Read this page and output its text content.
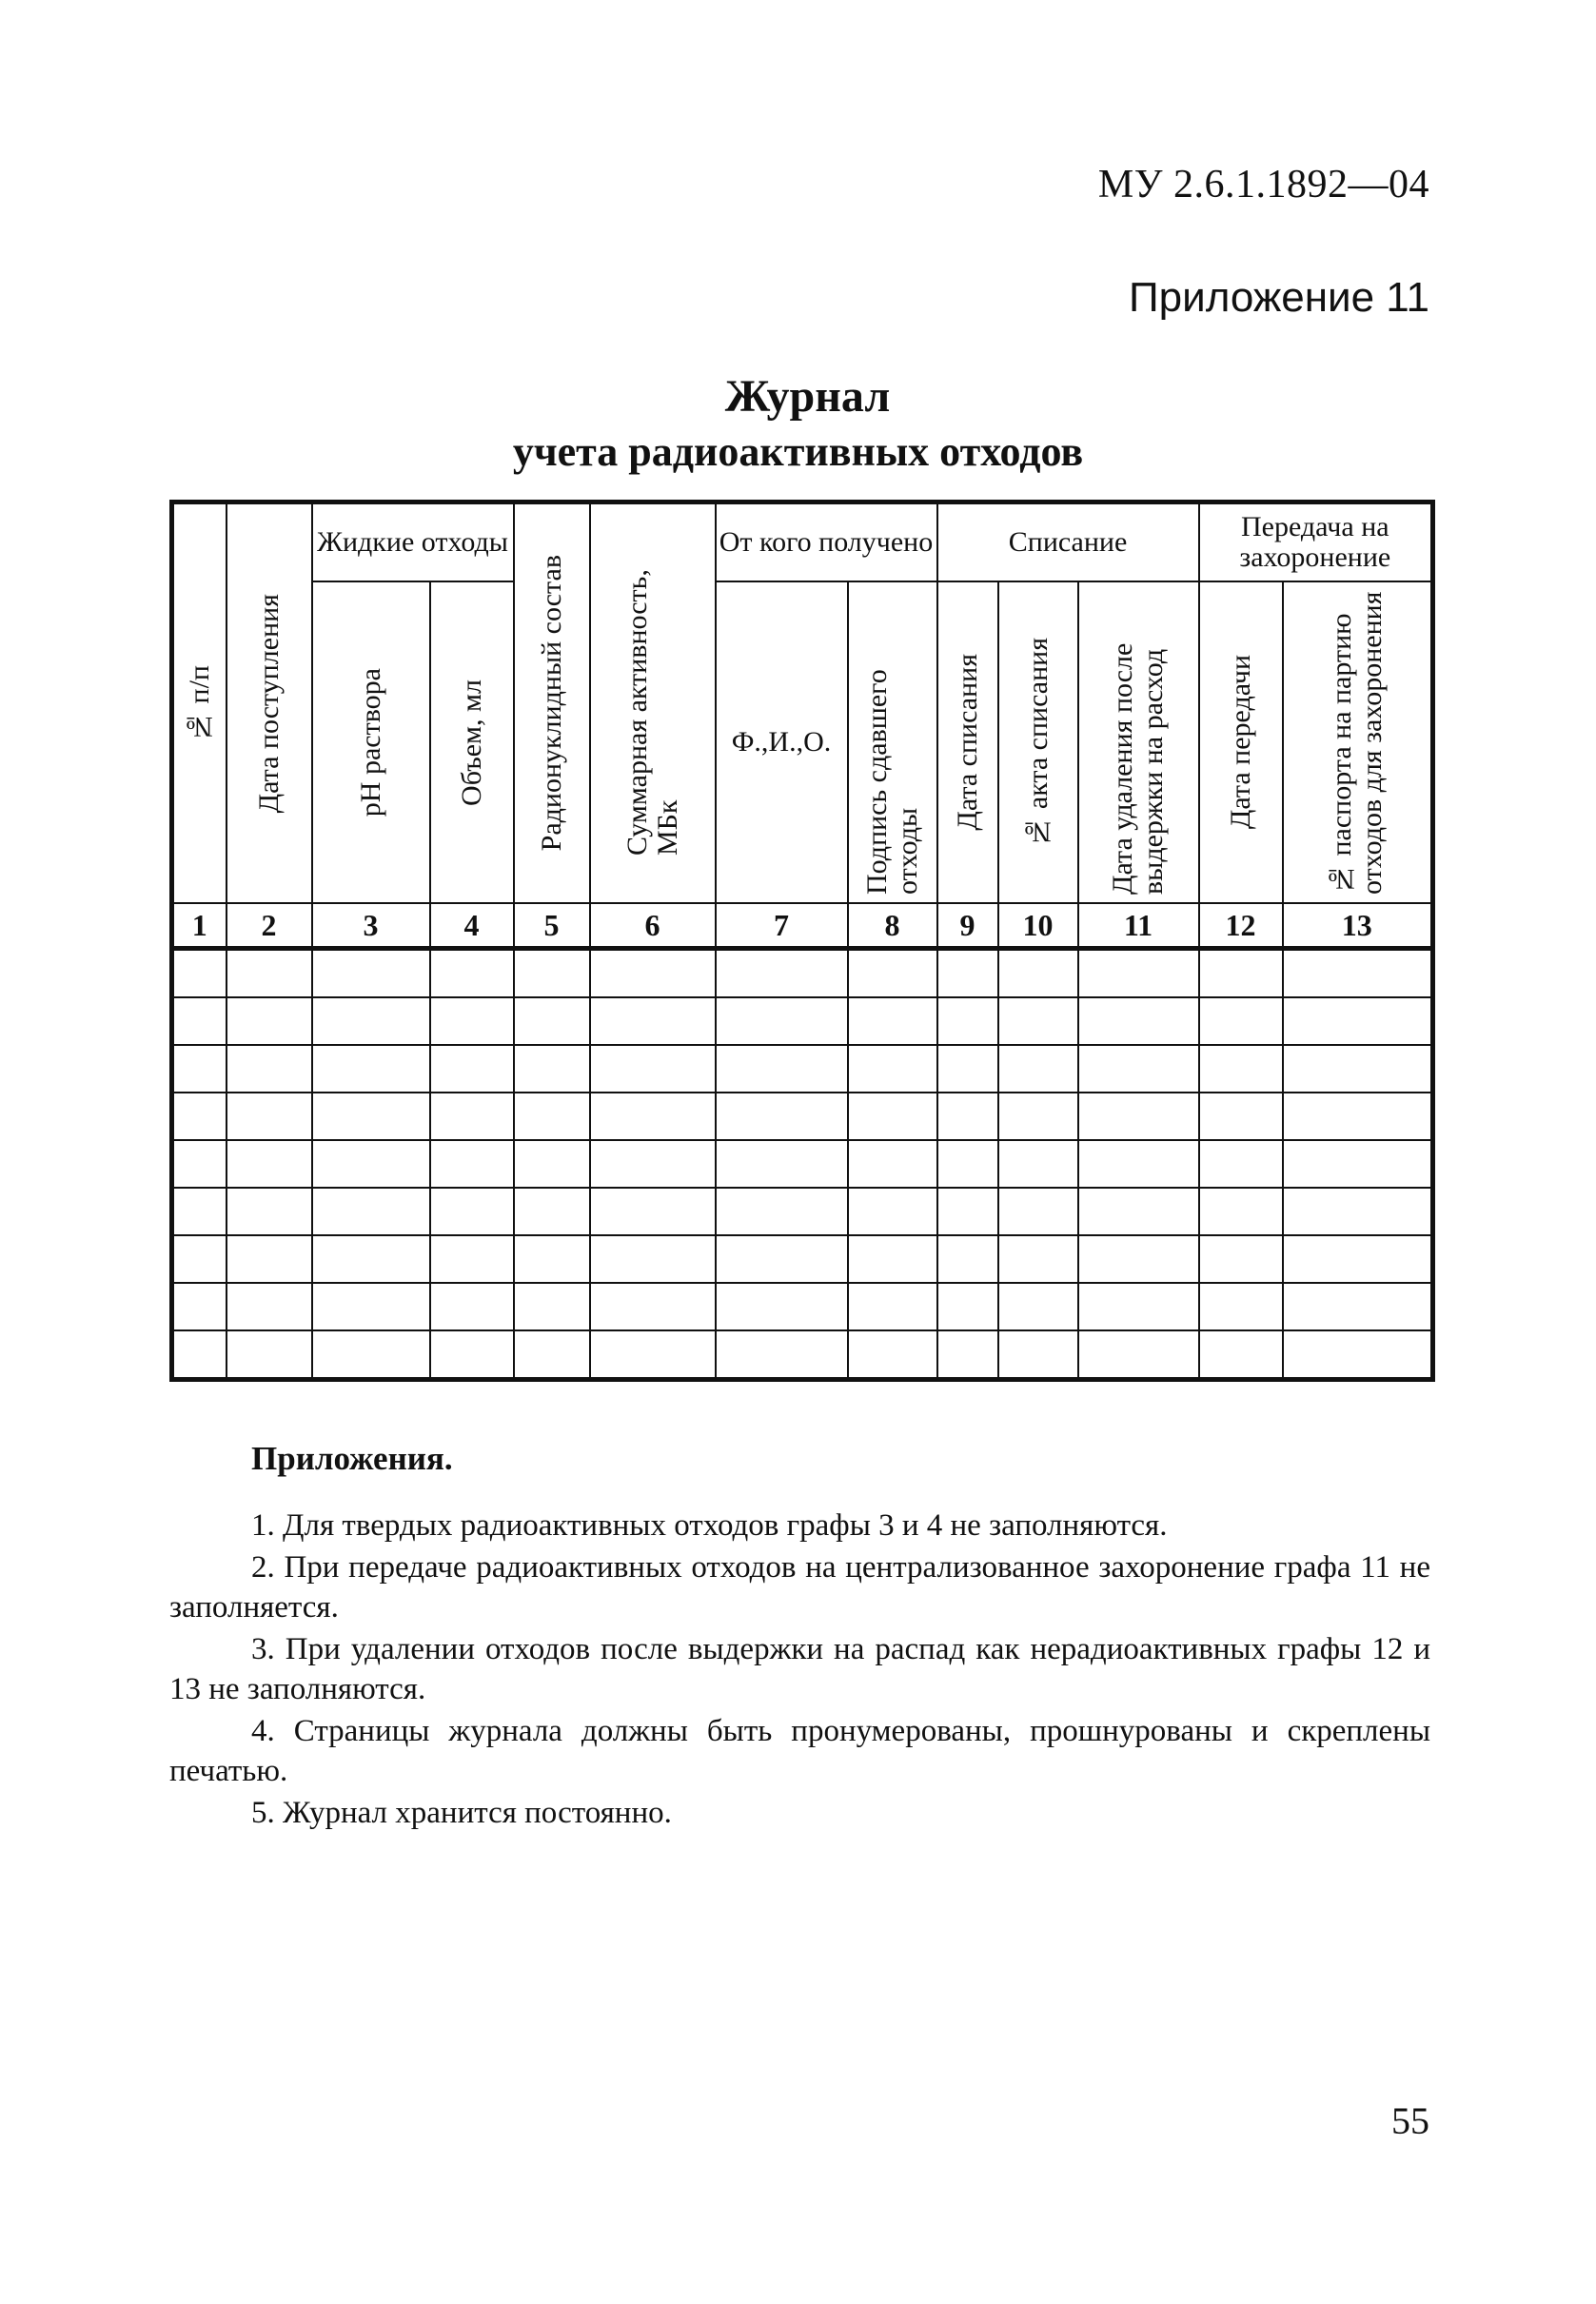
МУ 2.6.1.1892—04
Приложение 11
Журнал
учета радиоактивных отходов
№ п/п	Дата поступления	Жидкие отходы		Радионуклидный состав	Суммарная активность, МБк	От кого получено		Списание			Передача на захоронение	

		pH раствора	Объем, мл			Ф.,И.,О.	Подпись сдавшего отходы	Дата списания	№ акта списания	Дата удаления после выдержки на расход	Дата передачи	№ паспорта на партию отходов для захоронения

1	2	3	4	5	6	7	8	9	10	11	12	13

Приложения.

1. Для твердых радиоактивных отходов графы 3 и 4 не заполняются.

2. При передаче радиоактивных отходов на централизованное захоронение графа 11 не заполняется.

3. При удалении отходов после выдержки на распад как нерадиоактивных графы 12 и 13 не заполняются.

4. Страницы журнала должны быть пронумерованы, прошнурованы и скреплены печатью.

5. Журнал хранится постоянно.

55
